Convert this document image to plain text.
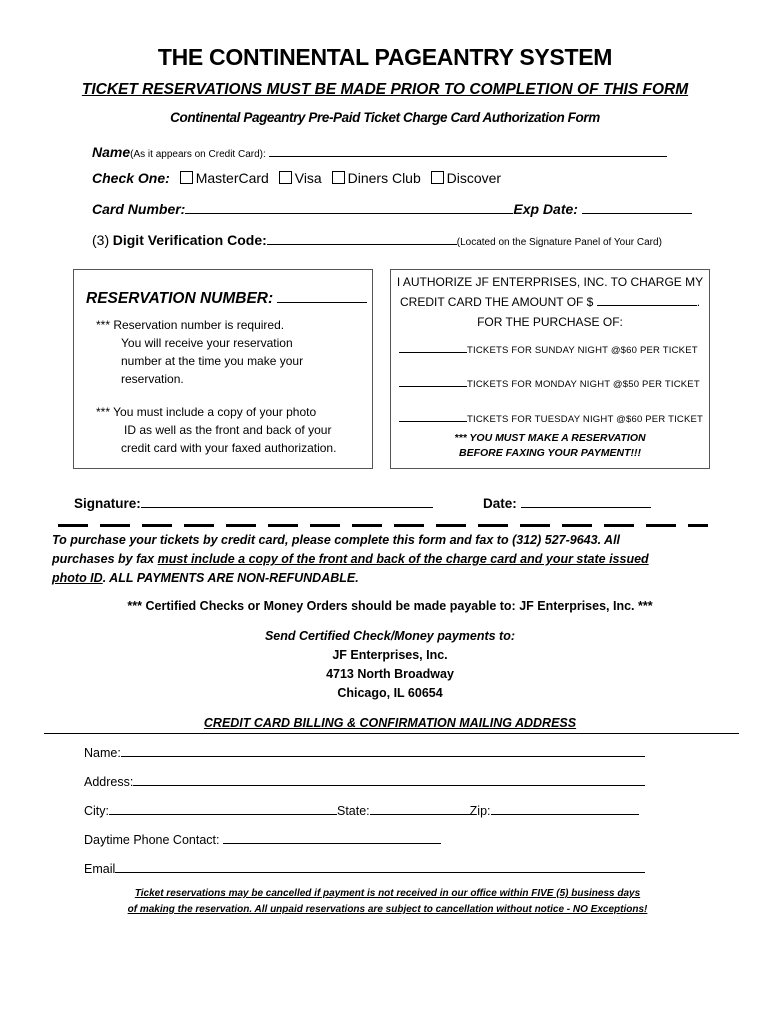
THE CONTINENTAL PAGEANTRY SYSTEM
TICKET RESERVATIONS MUST BE MADE PRIOR TO COMPLETION OF THIS FORM
Continental Pageantry Pre-Paid Ticket Charge Card Authorization Form
Name(As it appears on Credit Card):
Check One: MasterCard Visa Diners Club Discover
Card Number:	Exp Date:
(3) Digit Verification Code:	(Located on the Signature Panel of Your Card)
RESERVATION NUMBER:
*** Reservation number is required.
You will receive your reservation
number at the time you make your
reservation.
*** You must include a copy of your photo
ID as well as the front and back of your
credit card with your faxed authorization.
I AUTHORIZE JF ENTERPRISES, INC. TO CHARGE MY
CREDIT CARD THE AMOUNT OF $	.
FOR THE PURCHASE OF:
TICKETS FOR SUNDAY NIGHT @$60 PER TICKET
TICKETS FOR MONDAY NIGHT @$50 PER TICKET
TICKETS FOR TUESDAY NIGHT @$60 PER TICKET
*** YOU MUST MAKE A RESERVATION
BEFORE FAXING YOUR PAYMENT!!!
Signature:	Date:
To purchase your tickets by credit card, please complete this form and fax to (312) 527-9643. All
purchases by fax must include a copy of the front and back of the charge card and your state issued
photo ID. ALL PAYMENTS ARE NON-REFUNDABLE.
*** Certified Checks or Money Orders should be made payable to: JF Enterprises, Inc. ***
Send Certified Check/Money payments to:
JF Enterprises, Inc.
4713 North Broadway
Chicago, IL 60654
CREDIT CARD BILLING & CONFIRMATION MAILING ADDRESS
Name:
Address:
City:	State:	Zip:
Daytime Phone Contact:
Email
Ticket reservations may be cancelled if payment is not received in our office within FIVE (5) business days
of making the reservation. All unpaid reservations are subject to cancellation without notice - NO Exceptions!
